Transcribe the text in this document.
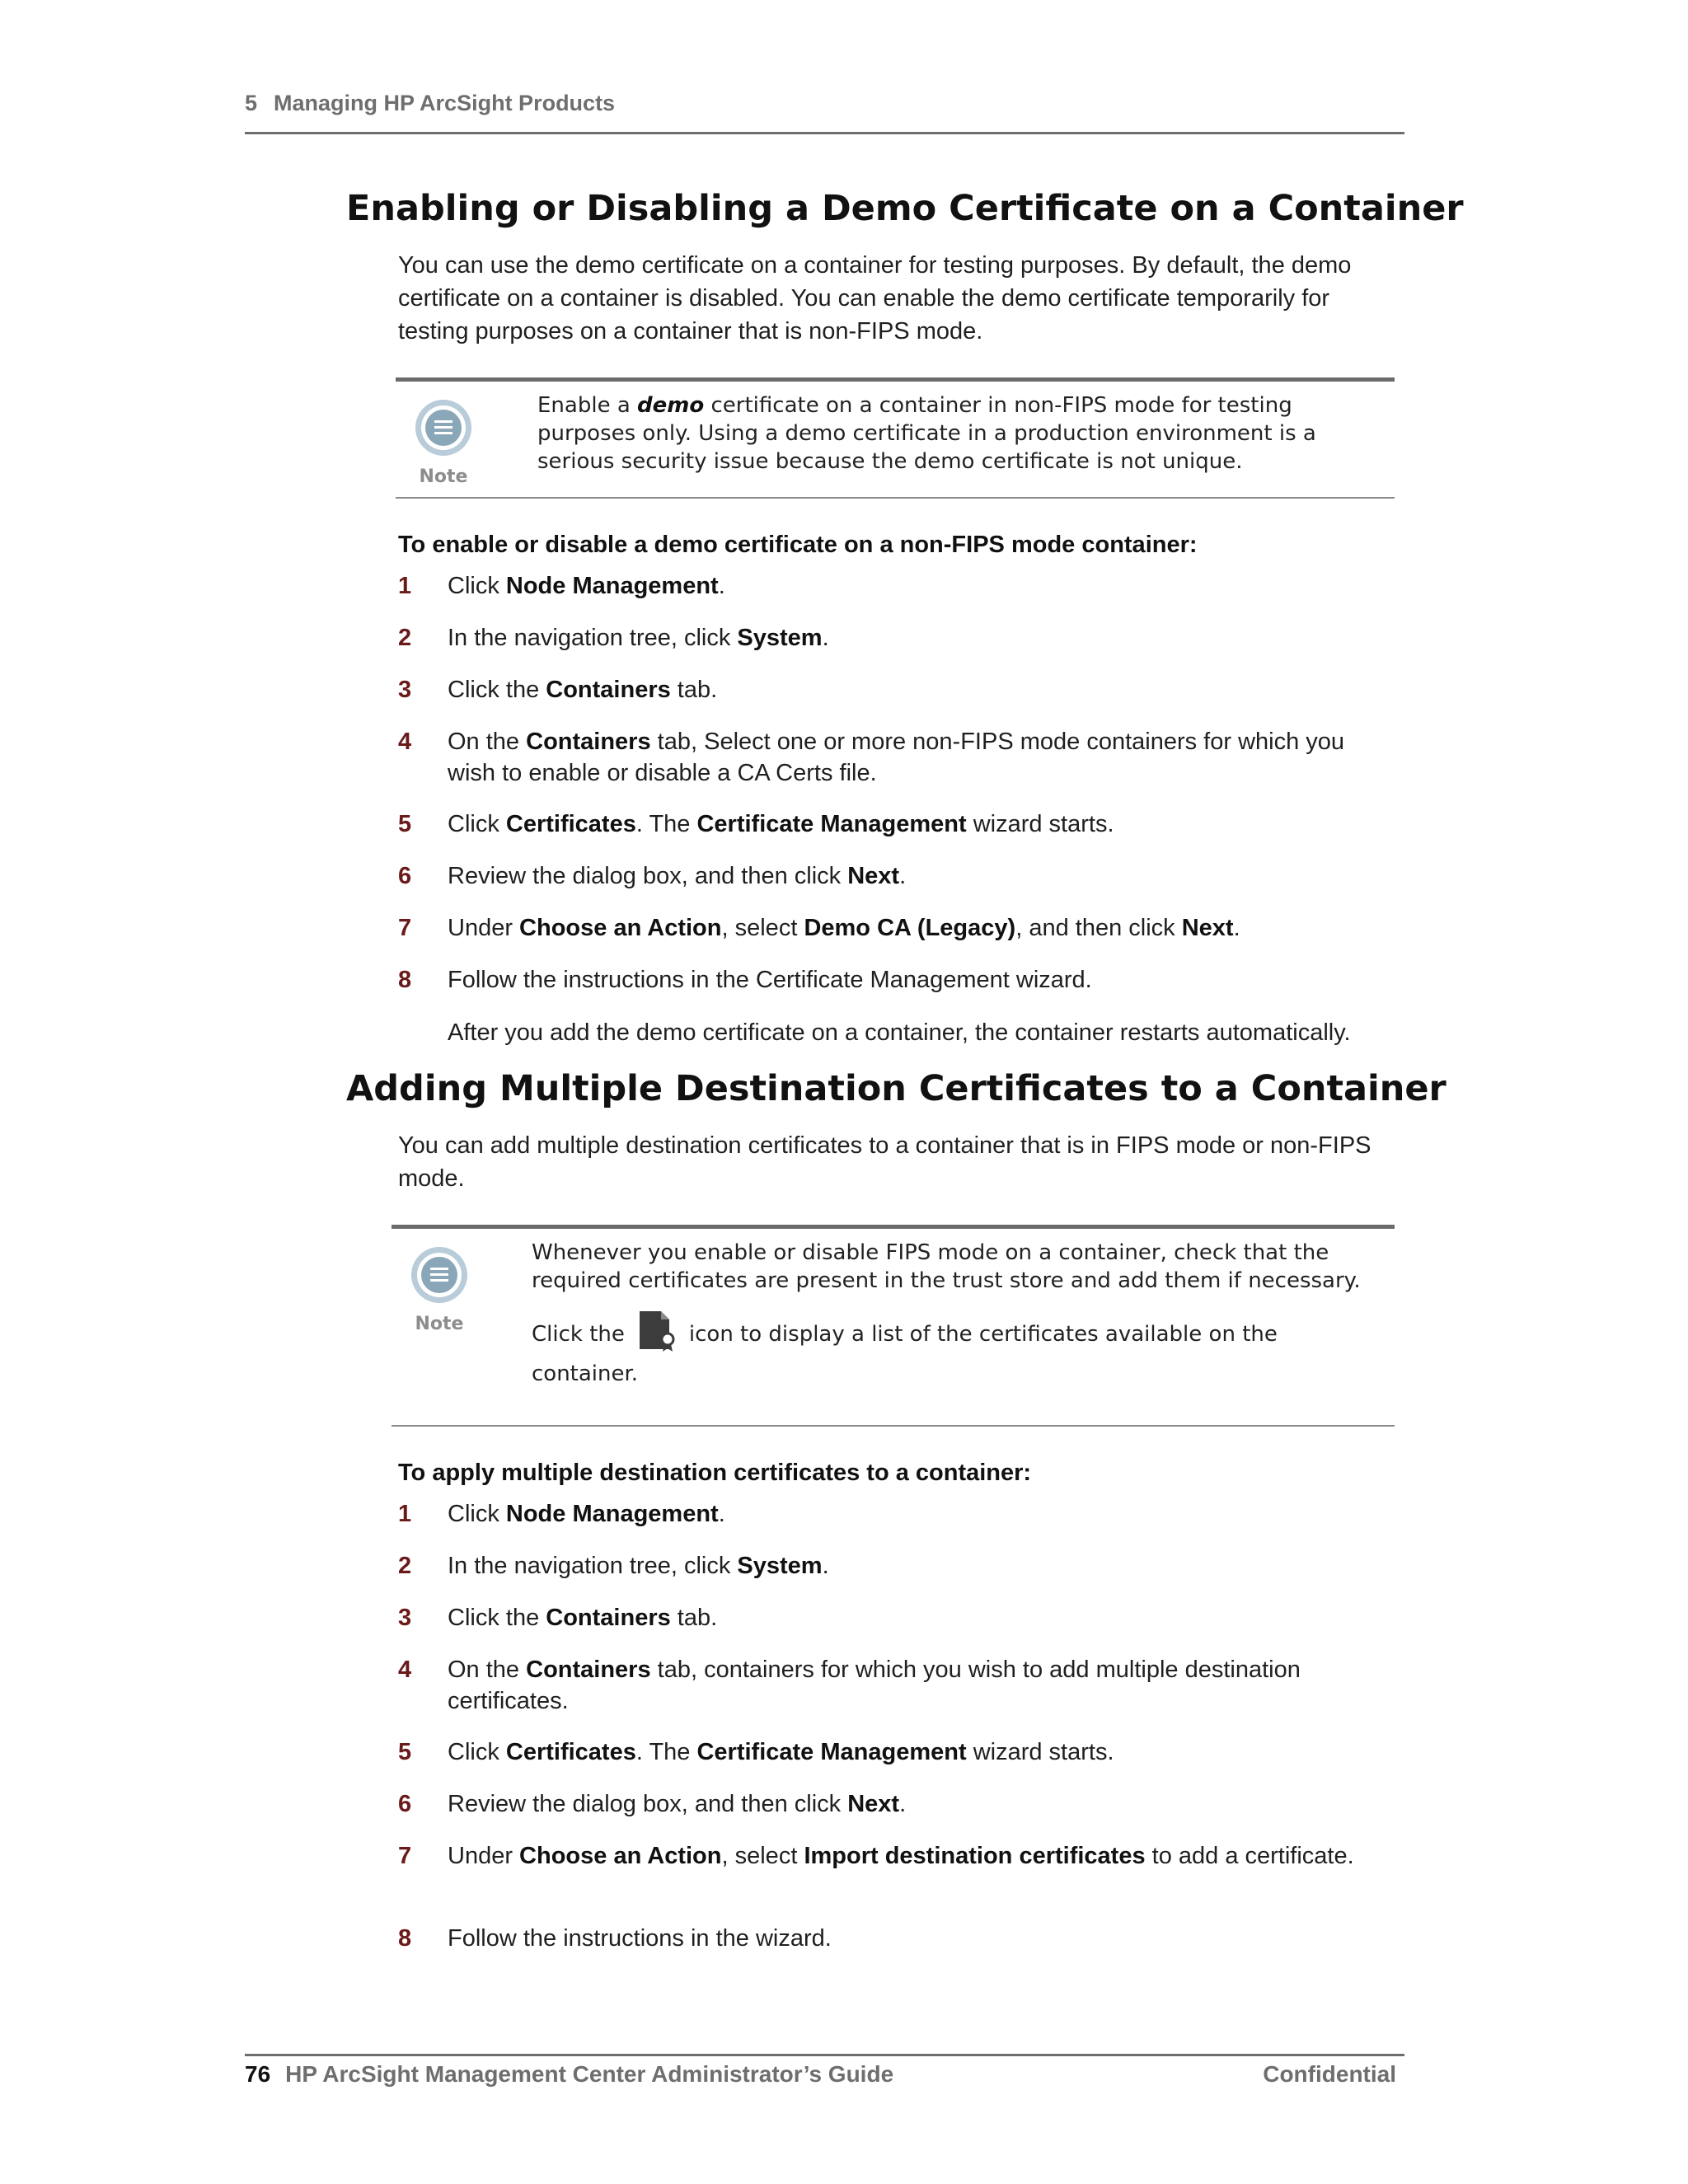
5 Managing HP ArcSight Products
Enabling or Disabling a Demo Certificate on a Container
You can use the demo certificate on a container for testing purposes. By default, the demo certificate on a container is disabled. You can enable the demo certificate temporarily for testing purposes on a container that is non-FIPS mode.
Note
Enable a demo certificate on a container in non-FIPS mode for testing purposes only. Using a demo certificate in a production environment is a serious security issue because the demo certificate is not unique.
To enable or disable a demo certificate on a non-FIPS mode container:
1	Click Node Management.
2	In the navigation tree, click System.
3	Click the Containers tab.
4	On the Containers tab, Select one or more non-FIPS mode containers for which you wish to enable or disable a CA Certs file.
5	Click Certificates. The Certificate Management wizard starts.
6	Review the dialog box, and then click Next.
7	Under Choose an Action, select Demo CA (Legacy), and then click Next.
8	Follow the instructions in the Certificate Management wizard.
After you add the demo certificate on a container, the container restarts automatically.
Adding Multiple Destination Certificates to a Container
You can add multiple destination certificates to a container that is in FIPS mode or non-FIPS mode.
Note
Whenever you enable or disable FIPS mode on a container, check that the required certificates are present in the trust store and add them if necessary.
Click the	icon to display a list of the certificates available on the container.
To apply multiple destination certificates to a container:
1	Click Node Management.
2	In the navigation tree, click System.
3	Click the Containers tab.
4	On the Containers tab, containers for which you wish to add multiple destination certificates.
5	Click Certificates. The Certificate Management wizard starts.
6	Review the dialog box, and then click Next.
7	Under Choose an Action, select Import destination certificates to add a certificate.
8	Follow the instructions in the wizard.
76 HP ArcSight Management Center Administrator’s Guide	Confidential
